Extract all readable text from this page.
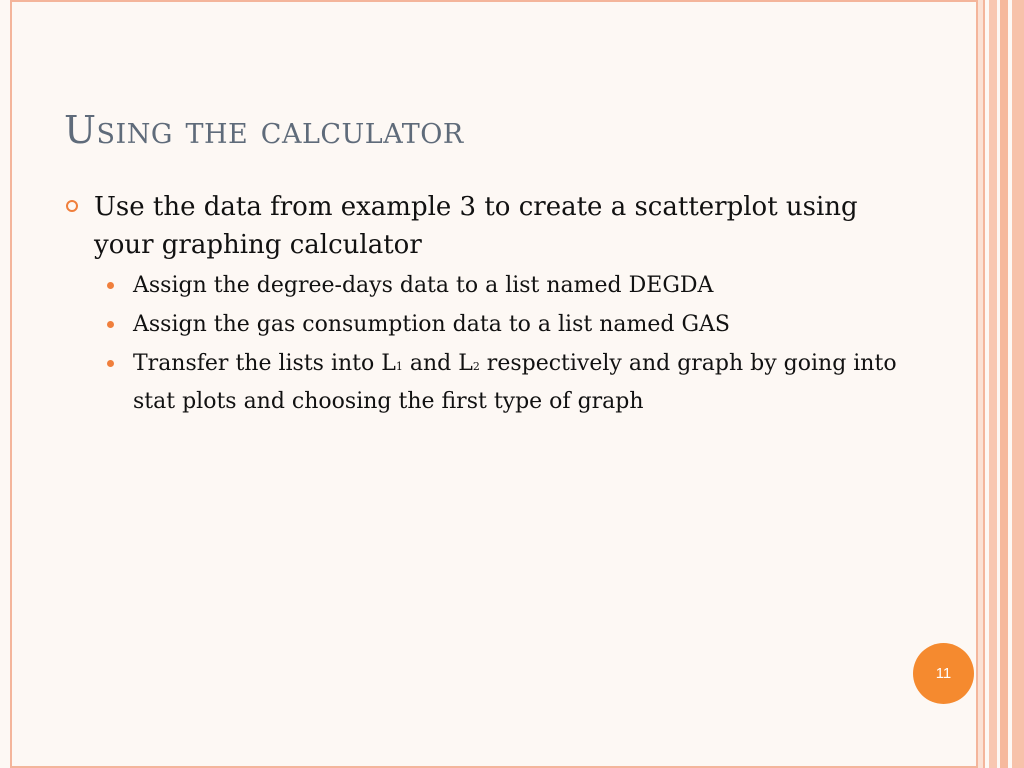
Using the calculator
Use the data from example 3 to create a scatterplot using your graphing calculator
Assign the degree-days data to a list named DEGDA
Assign the gas consumption data to a list named GAS
Transfer the lists into L1 and L2 respectively and graph by going into stat plots and choosing the first type of graph
11
